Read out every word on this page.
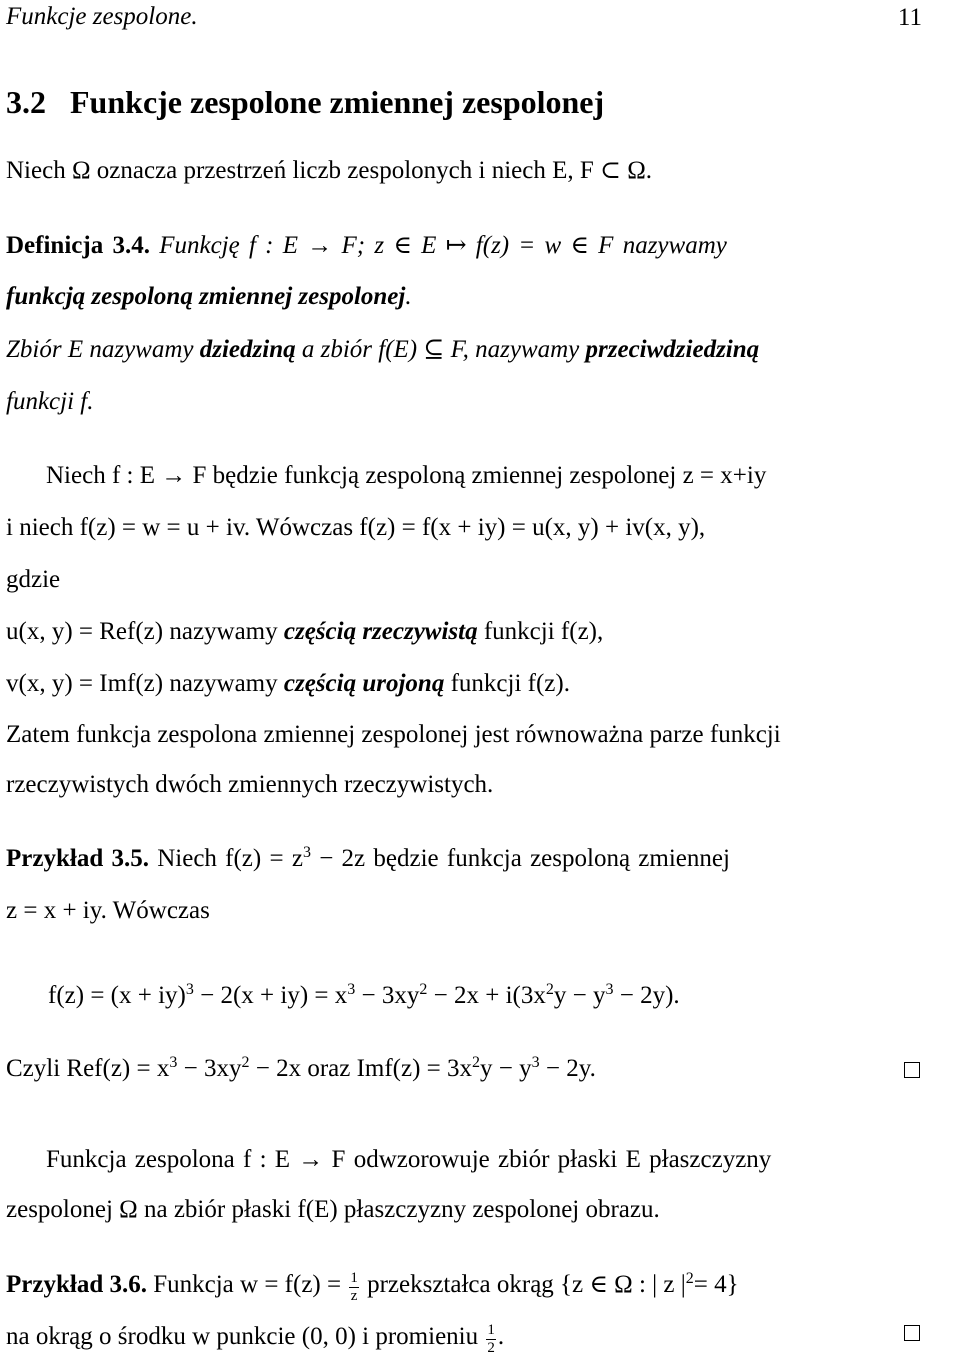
Funkcje zespolone.	11
3.2 Funkcje zespolone zmiennej zespolonej
Niech Ω oznacza przestrzeń liczb zespolonych i niech E, F ⊂ Ω.
Definicja 3.4. Funkcję f : E → F; z ∈ E ↦ f(z) = w ∈ F nazywamy
funkcją zespoloną zmiennej zespolonej.
Zbiór E nazywamy dziedziną a zbiór f(E) ⊆ F, nazywamy przeciwdziedziną
funkcji f.
Niech f : E → F będzie funkcją zespoloną zmiennej zespolonej z = x+iy
i niech f(z) = w = u + iv. Wówczas f(z) = f(x + iy) = u(x, y) + iv(x, y),
gdzie
u(x, y) = Ref(z) nazywamy częścią rzeczywistą funkcji f(z),
v(x, y) = Imf(z) nazywamy częścią urojoną funkcji f(z).
Zatem funkcja zespolona zmiennej zespolonej jest równoważna parze funkcji
rzeczywistych dwóch zmiennych rzeczywistych.
Przykład 3.5. Niech $f(z) = z^3 - 2z$ będzie funkcja zespoloną zmiennej
z = x + iy. Wówczas
$f(z) = (x + iy)^3 - 2(x + iy) = x^3 - 3xy^2 - 2x + i(3x^2y - y^3 - 2y)$.
Czyli $Ref(z) = x^3 - 3xy^2 - 2x$ oraz $Imf(z) = 3x^2y - y^3 - 2y$.
Funkcja zespolona f : E → F odwzorowuje zbiór płaski E płaszczyzny
zespolonej Ω na zbiór płaski f(E) płaszczyzny zespolonej obrazu.
Przykład 3.6. Funkcja $w = f(z) = \frac{1}{z}$ przekształca okrąg {z ∈ Ω : | z $|^2= 4$}
na okrąg o środku w punkcie (0, 0) i promieniu $\frac{1}{2}$ .
